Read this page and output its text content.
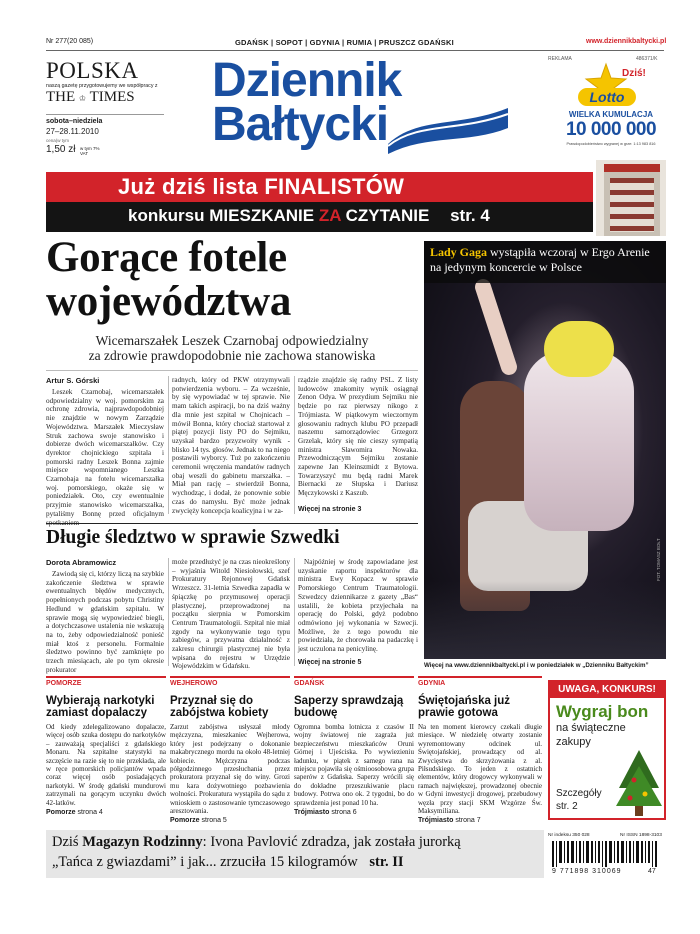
Nr 277(20 085)	GDAŃSK | SOPOT | GDYNIA | RUMIA | PRUSZCZ GDAŃSKI	www.dziennikbaltycki.pl
POLSKA
naszą gazetę przygotowujemy we współpracy z
THE ♔ TIMES
sobota–niedziela
27–28.11.2010
cena(w tym
1,50 zł w tym 7% VAT
Dziennik
Bałtycki
REKLAMA	486371/K
Dziś!
Lotto
WIELKA KUMULACJA
10 000 000
Prawdopodobieństwo wygranej w grze: 1:13 983 816
Już dziś lista FINALISTÓW
konkursu MIESZKANIE ZA CZYTANIE str. 4
Gorące fotele
województwa
Wicemarszałek Leszek Czarnobaj odpowiedzialny
za zdrowie prawdopodobnie nie zachowa stanowiska
Artur S. Górski

Leszek Czarnobaj, wicemarszałek odpowiedzialny w woj. pomorskim za ochronę zdrowia, najprawdopodobniej nie znajdzie w nowym Zarządzie Województwa. Marszałek Mieczysław Struk zachowa swoje stanowisko i dobierze dwóch wicemarszałków. Czy dyrektor chojnickiego szpitala i pomorski radny Leszek Bonna zajmie miejsce wspomnianego Leszka Czarnobaja na fotelu wicemarszałka woj. pomorskiego, okaże się w poniedziałek. Oto, czy ewentualnie przyjmie stanowisko wicemarszałka, pytaliśmy Bonnę przed oficjalnym

radnych, który od PKW otrzymywali potwierdzenia wyboru. – Za wcześnie, by się wypowiadać w tej sprawie. Nie mam takich aspiracji, bo na dziś ważny dla mnie jest szpital w Chojnicach – mówił Bonna, który chociaż startował z piątej pozycji listy PO do Sejmiku, uzyskał bardzo przyzwoity wynik - blisko 14 tys. głosów. Jednak to na niego postawili wyborcy. Tuż po zakończeniu ceremonii wręczenia mandatów radnych obaj weszli do gabinetu marszałka. – Miał pan rację – stwierdził Bonna, wychodząc, i dodał, że ponownie sobie czas do namysłu. Być może jednak zwycięży koncepcja koalicyjna i w za-

rządzie znajdzie się radny PSL. Z listy ludowców znakomity wynik osiągnął Zenon Odya. W prezydium Sejmiku nie będzie po raz pierwszy nikogo z Trójmiasta. W piątkowym wieczornym głosowaniu radnych klubu PO przepadł naszemu samorządowiec Grzegorz Grzelak, który się nie cieszy sympatią ministra Sławomira Nowaka. Przewodniczącym Sejmiku zostanie zapewne Jan Kleinszmidt z Bytowa. Towarzyszyć mu będą radni Marek Biernacki ze Słupska i Dariusz Męczykowski z Kaszub.

Więcej na stronie 3
Długie śledztwo w sprawie Szwedki
Dorota Abramowicz

Zawiodą się ci, którzy liczą na szybkie zakończenie śledztwa w sprawie ewentualnych błędów medycznych, popełnionych podczas pobytu Christiny Hedlund w gdańskim szpitalu. W sprawie mogą się wypowiedzieć biegli, a dotychczasowe ustalenia nie wskazują na to, żeby odpowiedzialność ponieść miał ktoś z personelu. Formalnie śledztwo powinno być zamknięte po trzech miesiącach, ale po tym okresie prokurator

może przedłużyć je na czas nieokreślony – wyjaśnia Witold Niesiołowski, szef Prokuratury Rejonowej Gdańsk Wrzeszcz. 31-letnia Szwedka zapadła w śpiączkę po przymusowej operacji plastycznej, przeprowadzonej na początku sierpnia w Pomorskim Centrum Traumatologii. Szpital nie miał zgody na wykonywanie tego typu zabiegów, a przywatna działalność z zakresu chirurgii plastycznej nie była wpisana do rejestru w Urzędzie Wojewódzkim w Gdańsku.

Najpóźniej w środę zapowiadane jest uzyskanie raportu inspektorów dla ministra Ewy Kopacz w sprawie Pomorskiego Centrum Traumatologii. Szwedzcy dziennikarze z gazety „Bas“ ustalili, że kobieta przyjechała na operację do Polski, gdyż podobno odmówiono jej wykonania w Szwecji. Możliwe, że z tego powodu nie powiedziała, że chorowała na padaczkę i jest uczulona na penicylinę.

Więcej na stronie 5
Lady Gaga wystąpiła wczoraj w Ergo Arenie na jedynym koncercie w Polsce
FOT. TOMASZ BOŁT
Więcej na www.dziennikbaltycki.pl i w poniedziałek w „Dzienniku Bałtyckim”
POMORZE
Wybierają narkotyki zamiast dopalaczy
Od kiedy zdelegalizowano dopalacze, więcej osób szuka dostępu do narkotyków – zauważają specjaliści z gdańskiego Monaru. Na szpitalne statystyki na szczęście na razie się to nie przekłada, ale w ręce pomorskich policjantów wpada coraz więcej osób posiadających narkotyki. W środę gdański mundurowi zatrzymali na gorącym uczynku dwóch 42-latków.
Pomorze strona 4
WEJHEROWO
Przyznał się do zabójstwa kobiety
Zarzut zabójstwa usłyszał młody mężczyzna, mieszkaniec Wejherowa, który jest podejrzany o dokonanie makabrycznego mordu na około 48-letniej kobiecie. Mężczyzna podczas półgodzinnego przesłuchania przez prokuratora przyznał się do winy. Grozi mu kara dożywotniego pozbawienia wolności. Prokuratura wystąpiła do sądu z wnioskiem o zastosowanie tymczasowego aresztowania.
Pomorze strona 5
GDAŃSK
Saperzy sprawdzają budowę
Ogromna bomba lotnicza z czasów II wojny światowej nie zagraża już bezpieczeństwu mieszkańców Oruni Górnej i Ujeściska. Po wywiezieniu ładunku, w piątek z samego rana na miejscu pojawiła się ośmioosobowa grupa saperów z Gdańska. Saperzy wrócili się do dokładne przeszukiwanie placu budowy. Potrwa ono ok. 2 tygodni, bo do sprawdzenia jest ponad 10 ha.
Trójmiasto strona 6
GDYNIA
Świętojańska już prawie gotowa
Na ten moment kierowcy czekali długie miesiące. W niedzielę otwarty zostanie wyremontowany odcinek ul. Świętojańskiej, prowadzący od al. Zwycięstwa do skrzyżowania z al. Piłsudskiego. To jeden z ostatnich elementów, który drogowcy wykonywali w ramach największej, prowadzonej obecnie w Gdyni inwestycji drogowej, przebudowy węzła przy stacji SKM Wzgórze Św. Maksymiliana.
Trójmiasto strona 7
UWAGA, KONKURS!
Wygraj bon
na świąteczne
zakupy
Szczegóły
str. 2
Dziś Magazyn Rodzinny: Ivona Pavlović zdradza, jak została jurorką
„Tańca z gwiazdami” i jak... zrzuciła 15 kilogramów str. II
Nr indeksu 350 028	Nr ISSN 1898-3103
9 771898 310069	47
